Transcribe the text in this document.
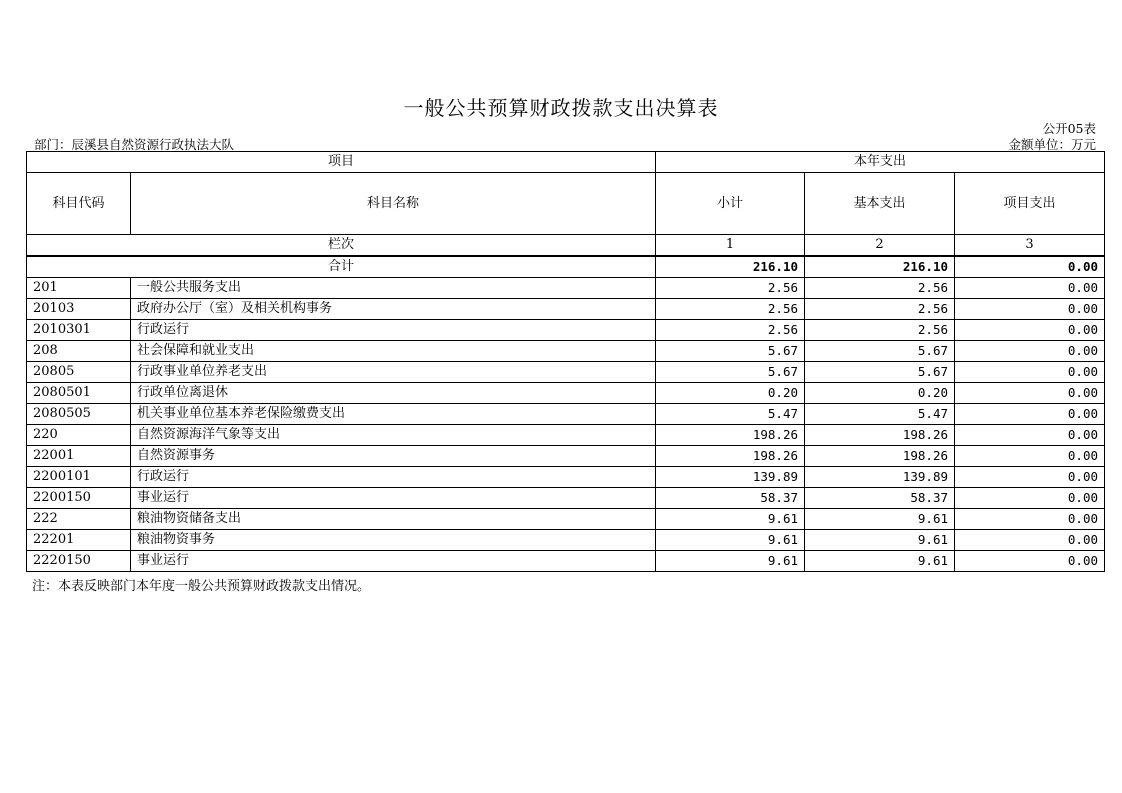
一般公共预算财政拨款支出决算表
公开05表
部门：辰溪县自然资源行政执法大队	金额单位：万元
项目		本年支出		
科目代码	科目名称	小计	基本支出	项目支出
栏次		1	2	3
合计		216.10	216.10	0.00
201	一般公共服务支出	2.56	2.56	0.00
20103	政府办公厅（室）及相关机构事务	2.56	2.56	0.00
2010301	行政运行	2.56	2.56	0.00
208	社会保障和就业支出	5.67	5.67	0.00
20805	行政事业单位养老支出	5.67	5.67	0.00
2080501	行政单位离退休	0.20	0.20	0.00
2080505	机关事业单位基本养老保险缴费支出	5.47	5.47	0.00
220	自然资源海洋气象等支出	198.26	198.26	0.00
22001	自然资源事务	198.26	198.26	0.00
2200101	行政运行	139.89	139.89	0.00
2200150	事业运行	58.37	58.37	0.00
222	粮油物资储备支出	9.61	9.61	0.00
22201	粮油物资事务	9.61	9.61	0.00
2220150	事业运行	9.61	9.61	0.00
注：本表反映部门本年度一般公共预算财政拨款支出情况。
